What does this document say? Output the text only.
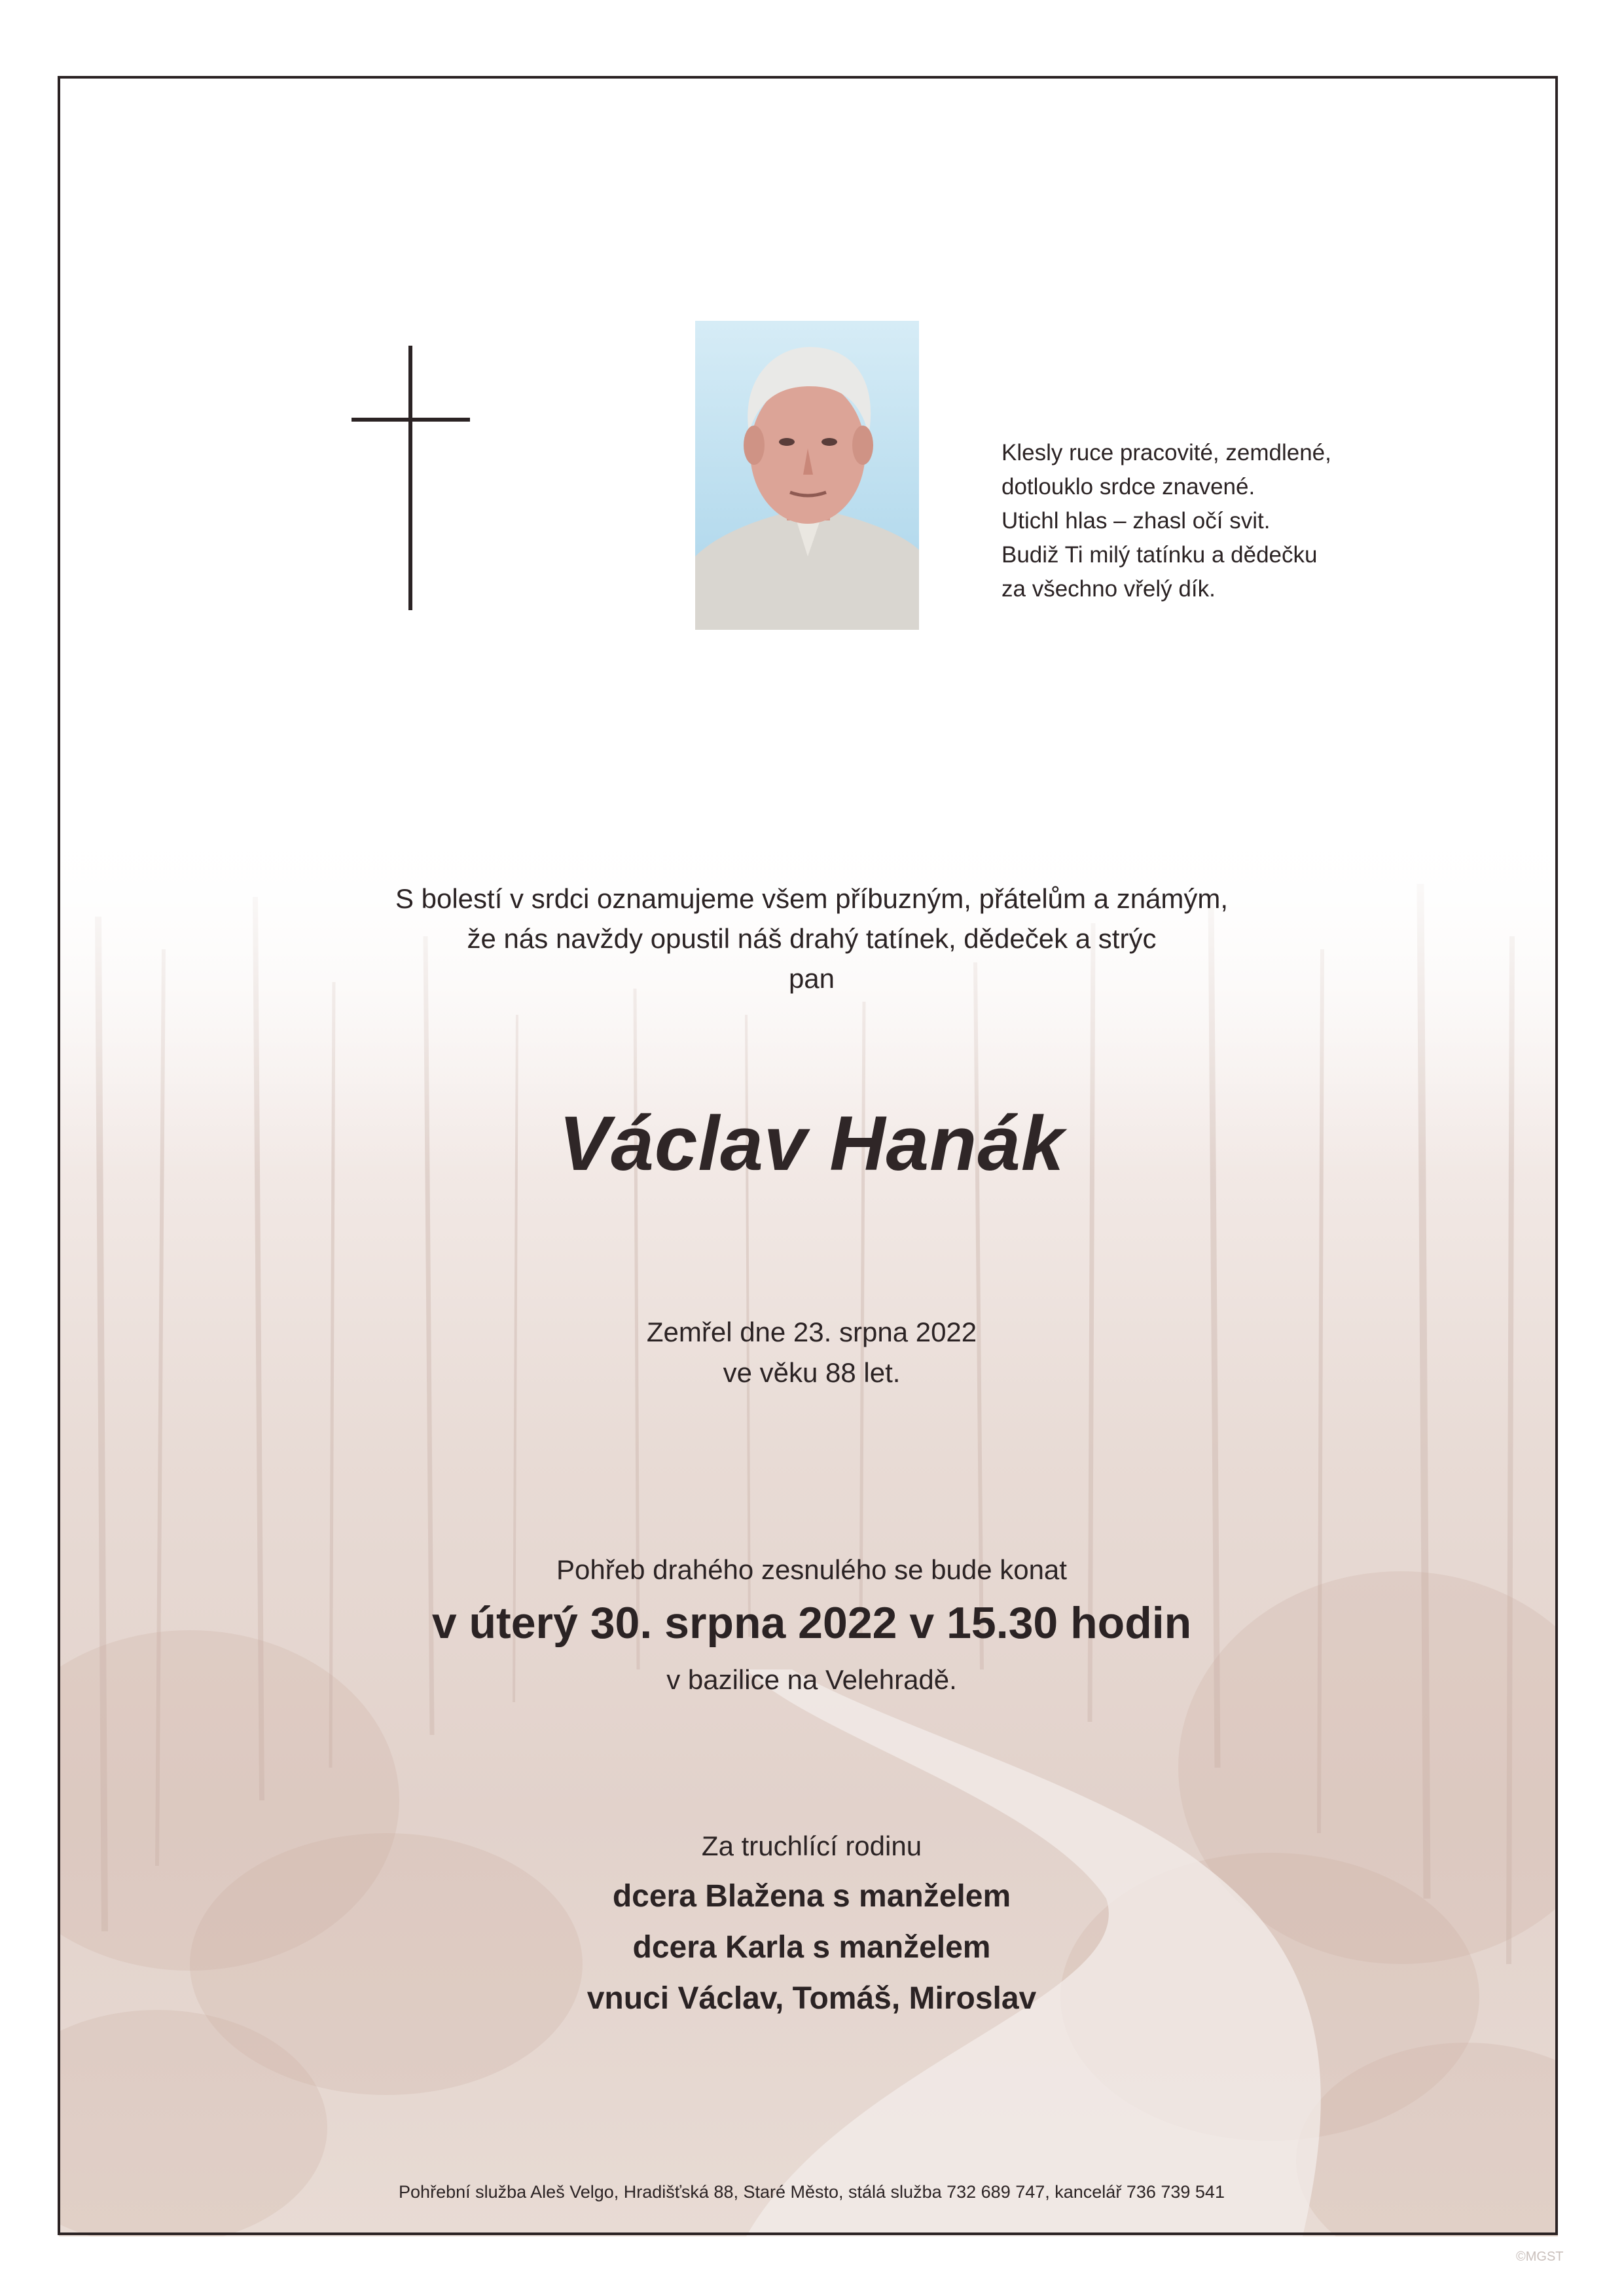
Klesly ruce pracovité, zemdlené,
dotlouklo srdce znavené.
Utichl hlas – zhasl očí svit.
Budiž Ti milý tatínku a dědečku
za všechno vřelý dík.
S bolestí v srdci oznamujeme všem příbuzným, přátelům a známým,
že nás navždy opustil náš drahý tatínek, dědeček a strýc
pan
Václav Hanák
Zemřel dne 23. srpna 2022
ve věku 88 let.
Pohřeb drahého zesnulého se bude konat
v úterý 30. srpna 2022 v 15.30 hodin
v bazilice na Velehradě.
Za truchlící rodinu
dcera Blažena s manželem
dcera Karla s manželem
vnuci Václav, Tomáš, Miroslav
Pohřební služba Aleš Velgo, Hradišťská 88, Staré Město, stálá služba 732 689 747, kancelář 736 739 541
©MGST
